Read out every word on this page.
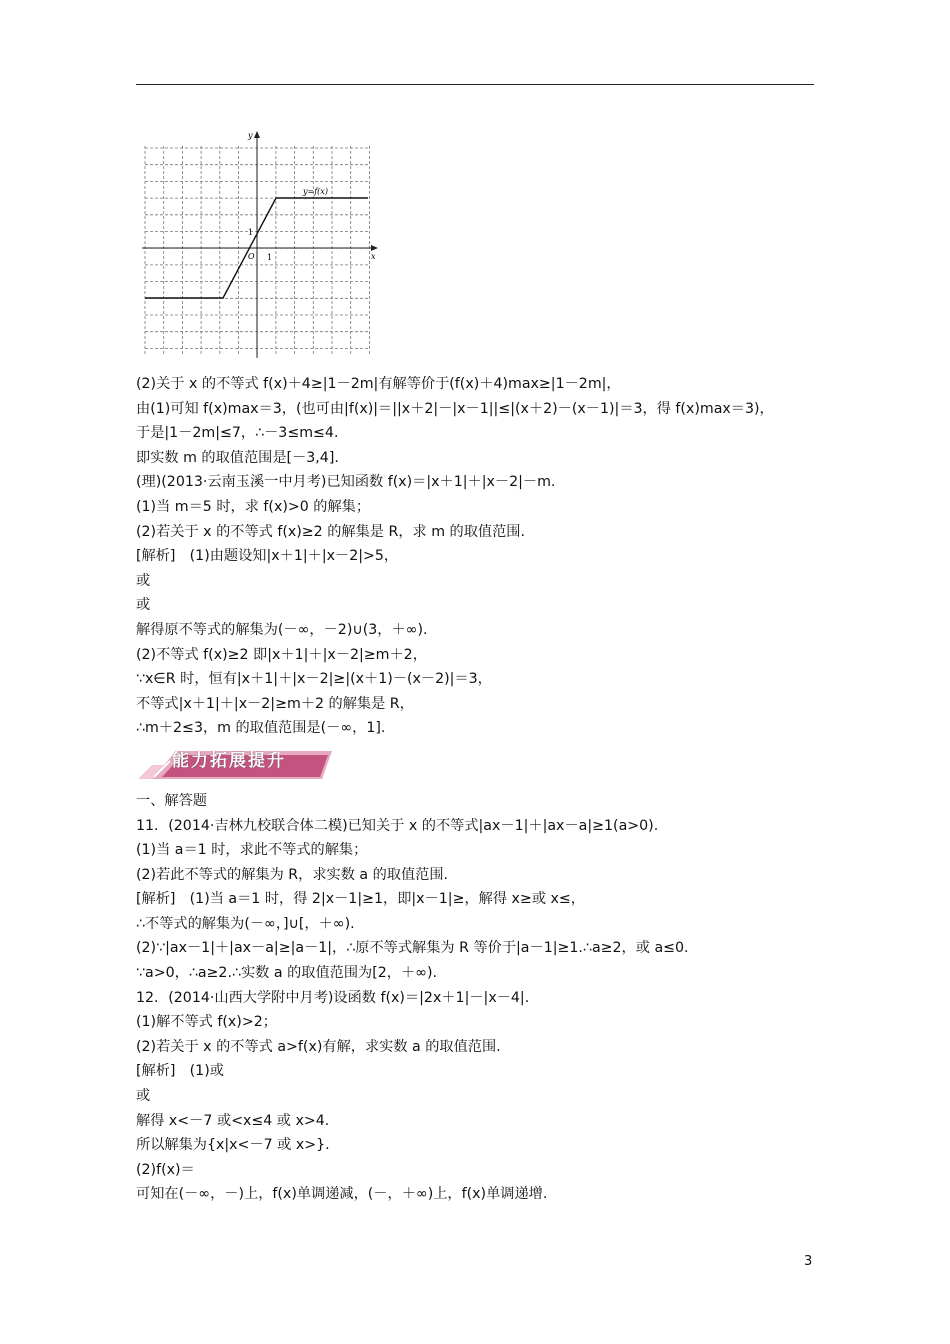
y
x
y=f(x)
O 1
1
(2)关于 x 的不等式 f(x)＋4≥|1－2m|有解等价于(f(x)＋4)max≥|1－2m|，
由(1)可知 f(x)max＝3，(也可由|f(x)|＝||x＋2|－|x－1||≤|(x＋2)－(x－1)|＝3，得 f(x)max＝3)，
于是|1－2m|≤7，∴－3≤m≤4.
即实数 m 的取值范围是[－3,4].
(理)(2013·云南玉溪一中月考)已知函数 f(x)＝|x＋1|＋|x－2|－m.
(1)当 m＝5 时，求 f(x)>0 的解集；
(2)若关于 x 的不等式 f(x)≥2 的解集是 R，求 m 的取值范围.
[解析]　(1)由题设知|x＋1|＋|x－2|>5，
或
或
解得原不等式的解集为(－∞，－2)∪(3，＋∞).
(2)不等式 f(x)≥2 即|x＋1|＋|x－2|≥m＋2，
∵x∈R 时，恒有|x＋1|＋|x－2|≥|(x＋1)－(x－2)|＝3，
不等式|x＋1|＋|x－2|≥m＋2 的解集是 R，
∴m＋2≤3，m 的取值范围是(－∞，1].
能力拓展提升
一、解答题
11．(2014·吉林九校联合体二模)已知关于 x 的不等式|ax－1|＋|ax－a|≥1(a>0).
(1)当 a＝1 时，求此不等式的解集；
(2)若此不等式的解集为 R，求实数 a 的取值范围.
[解析]　(1)当 a＝1 时，得 2|x－1|≥1，即|x－1|≥，解得 x≥或 x≤，
∴不等式的解集为(－∞，]∪[，＋∞).
(2)∵|ax－1|＋|ax－a|≥|a－1|，∴原不等式解集为 R 等价于|a－1|≥1.∴a≥2，或 a≤0.
∵a>0，∴a≥2.∴实数 a 的取值范围为[2，＋∞).
12．(2014·山西大学附中月考)设函数 f(x)＝|2x＋1|－|x－4|.
(1)解不等式 f(x)>2；
(2)若关于 x 的不等式 a>f(x)有解，求实数 a 的取值范围.
[解析]　(1)或
或
解得 x<－7 或<x≤4 或 x>4.
所以解集为{x|x<－7 或 x>}.
(2)f(x)＝
可知在(－∞，－)上，f(x)单调递减，(－，＋∞)上，f(x)单调递增.
3
